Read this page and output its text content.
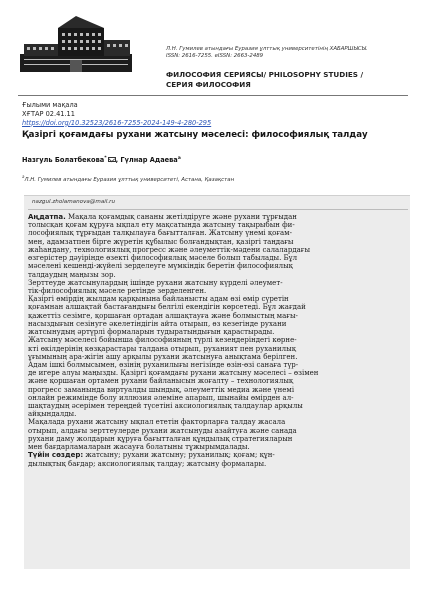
Л.Н. Гумилев атындағы Еуразия ұлттық университетінің ХАБАРШЫСЫ.
ISSN: 2616-7255. eISSN: 2663-2489
ФИЛОСОФИЯ СЕРИЯСЫ/ PHILOSOPHY STUDIES /
СЕРИЯ ФИЛОСОФИЯ
Ғылыми мақала
ХҒТАР 02.41.11
https://doi.org/10.32523/2616-7255-2024-149-4-280-295
Қазіргі қоғамдағы рухани жатсыну мәселесі: философиялық талдау
Назгуль Болатбекова* , Гүлнар Адаева$^a$
$^a$Л.Н. Гумилев атындағы Еуразия ұлттық университеті, Астана, Қазақстан
nazgul.zholamanova@mail.ru
Аңдатпа. Мақала қоғамдық сананы жетілдіруге және рухани тұрғыдан
толысқан қоғам құруға ықпал ету мақсатында жатсыну тақырыбын фи-
лософиялық тұрғыдан талқылауға бағытталған. Жатсыну үнемі қоғам-
мен, адамзатпен бірге жүретін құбылыс болғандықтан, қазіргі таңдағы
жаһандану, технологиялық прогресс және әлеуметтік-мәдени салалардағы
өзгерістер дәуірінде өзекті философиялық мәселе болып табылады. Бұл
мәселені кешенді-жүйелі зерделеуге мүмкіндік беретін философиялық
талдаудың маңызы зор.
Зерттеуде жатсынулардың ішінде рухани жатсыну күрделі әлеумет-
тік-философиялық мәселе ретінде зерделенген.
Қазіргі өмірдің жылдам қарқынына байланысты адам өзі өмір сүретін
қоғамнан алшақтай бастағандығы белгілі екендігін көрсетеді. Бұл жағдай
қажеттіз сезімге, қоршаған ортадан алшақтауға және болмыстың мағы-
насыздығын сезінуге әкелетіндігін айта отырып, өз кезегінде рухани
жатсынудың әртүрлі формаларын тудыратындығын қарастырады.
Жатсыну мәселесі бойынша философияның түрлі кезеңдеріндегі көрне-
кті өкілдерінің көзқарастары талдана отырып, руханият пен руханилық
ұғымының ара-жігін ашу арқылы рухани жатсынуға анықтама берілген.
Адам ішкі болмысымен, өзінің руханилығы негізінде өзін-өзі санаға түр-
де игере алуы маңызды. Қазіргі қоғамдағы рухани жатсыну мәселесі – өзімен
және қоршаған ортамен рухани байланысын жоғалту – технологиялық
прогресс заманында виртуалды шындық, әлеуметтік медиа және үнемі
онлайн режимінде болу иллюзия әлеміне апарып, шынайы өмірден ал-
шақтаудың әсерімен тереңдей түсетіні аксиологиялық талдаулар арқылы
айқындалды.
Мақалада рухани жатсыну ықпал ететін факторларға талдау жасала
отырып, алдағы зерттеулерде рухани жатсынуды азайтуға және санада
рухани даму жолдарын құруға бағытталған құндылық стратегияларын
мен бағдарламаларын жасауға болатыны тұжырымдалады.
Түйін сөздер: жатсыну; рухани жатсыну; руханилық; қоғам; құн-
дылықтық бағдар; аксиологиялық талдау; жатсыну формалары.
